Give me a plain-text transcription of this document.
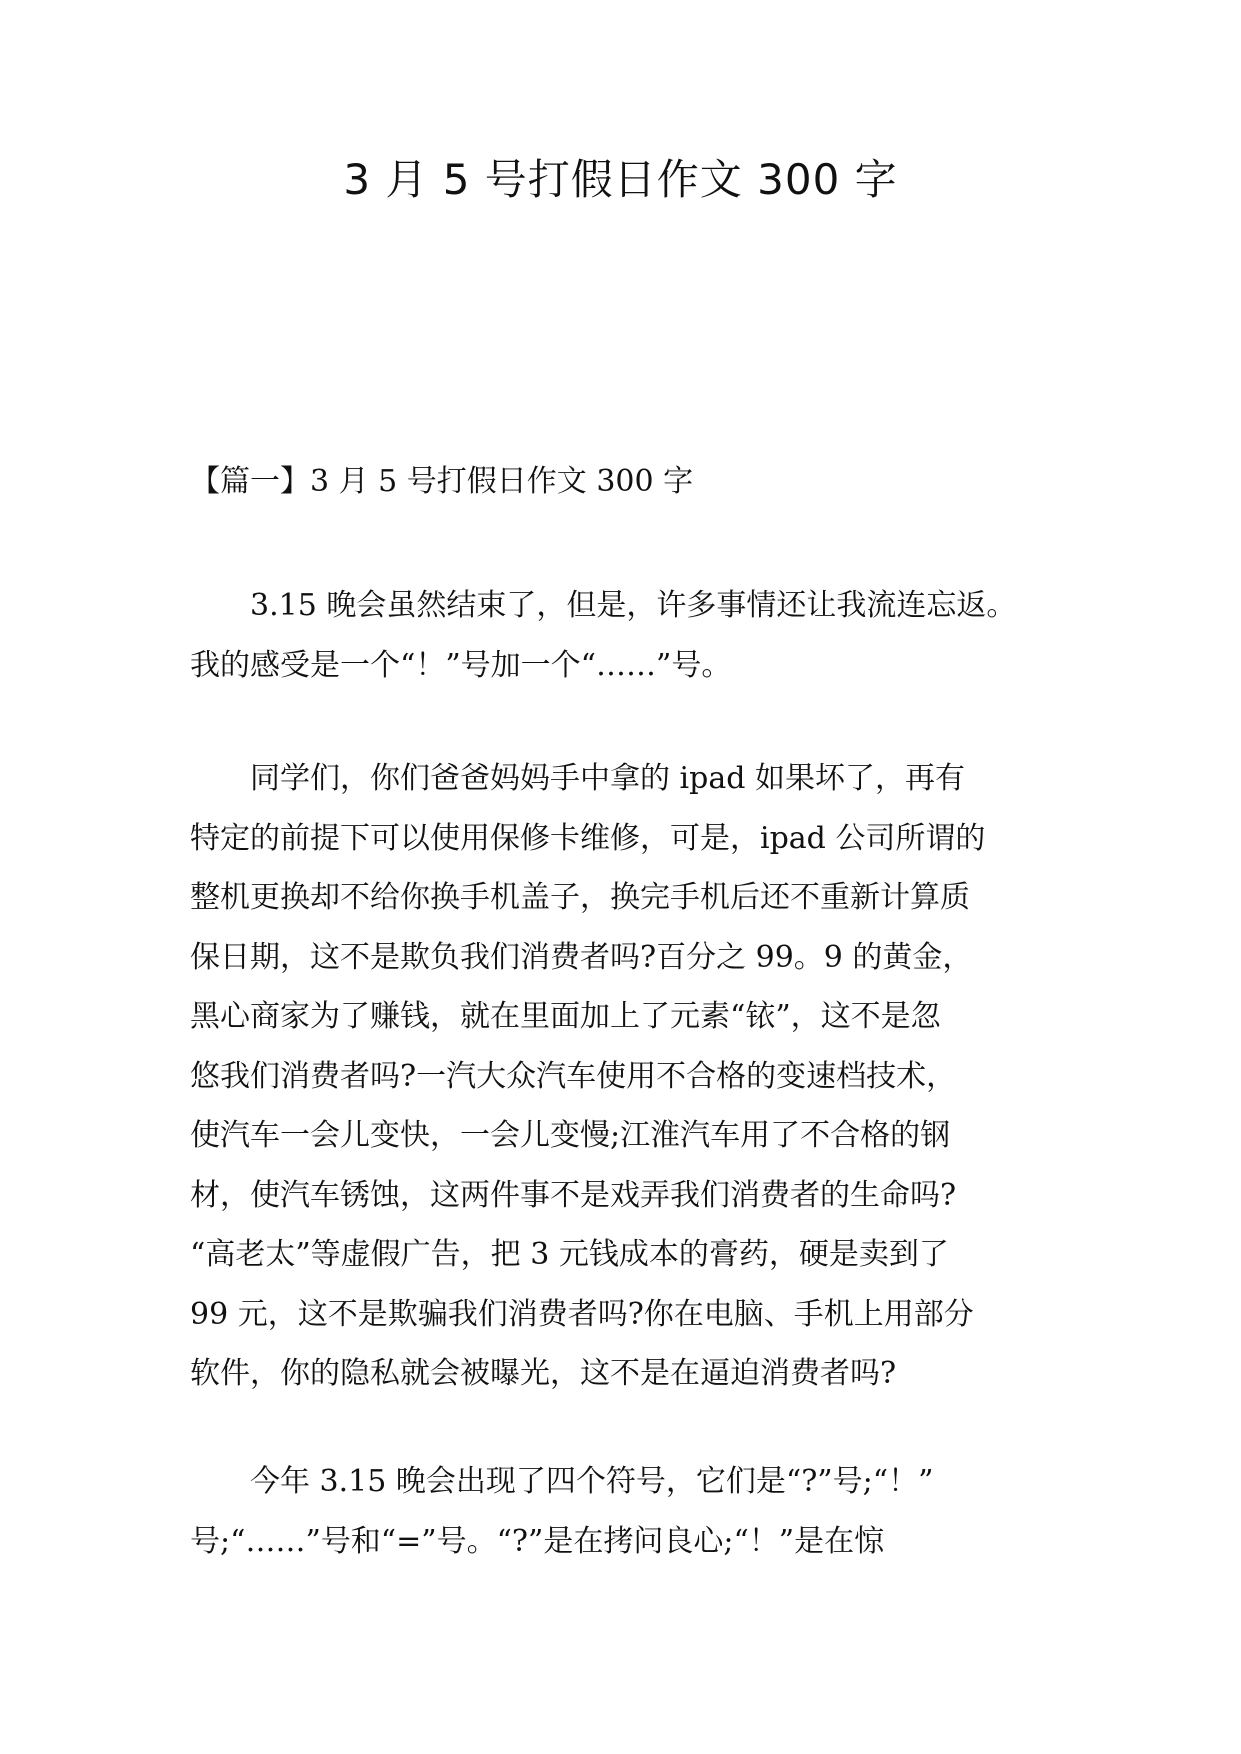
3 月 5 号打假日作文 300 字

【篇一】3 月 5 号打假日作文 300 字

　　3.15 晚会虽然结束了，但是，许多事情还让我流连忘返。
我的感受是一个“！”号加一个“……”号。
　　同学们，你们爸爸妈妈手中拿的 ipad 如果坏了，再有
特定的前提下可以使用保修卡维修，可是，ipad 公司所谓的
整机更换却不给你换手机盖子，换完手机后还不重新计算质
保日期，这不是欺负我们消费者吗?百分之 99。9 的黄金，
黑心商家为了赚钱，就在里面加上了元素“铱”，这不是忽
悠我们消费者吗?一汽大众汽车使用不合格的变速档技术，
使汽车一会儿变快，一会儿变慢;江淮汽车用了不合格的钢
材，使汽车锈蚀，这两件事不是戏弄我们消费者的生命吗?
“高老太”等虚假广告，把 3 元钱成本的膏药，硬是卖到了
99 元，这不是欺骗我们消费者吗?你在电脑、手机上用部分
软件，你的隐私就会被曝光，这不是在逼迫消费者吗?
　　今年 3.15 晚会出现了四个符号，它们是“?”号;“！”
号;“……”号和“=”号。“?”是在拷问良心;“！”是在惊
